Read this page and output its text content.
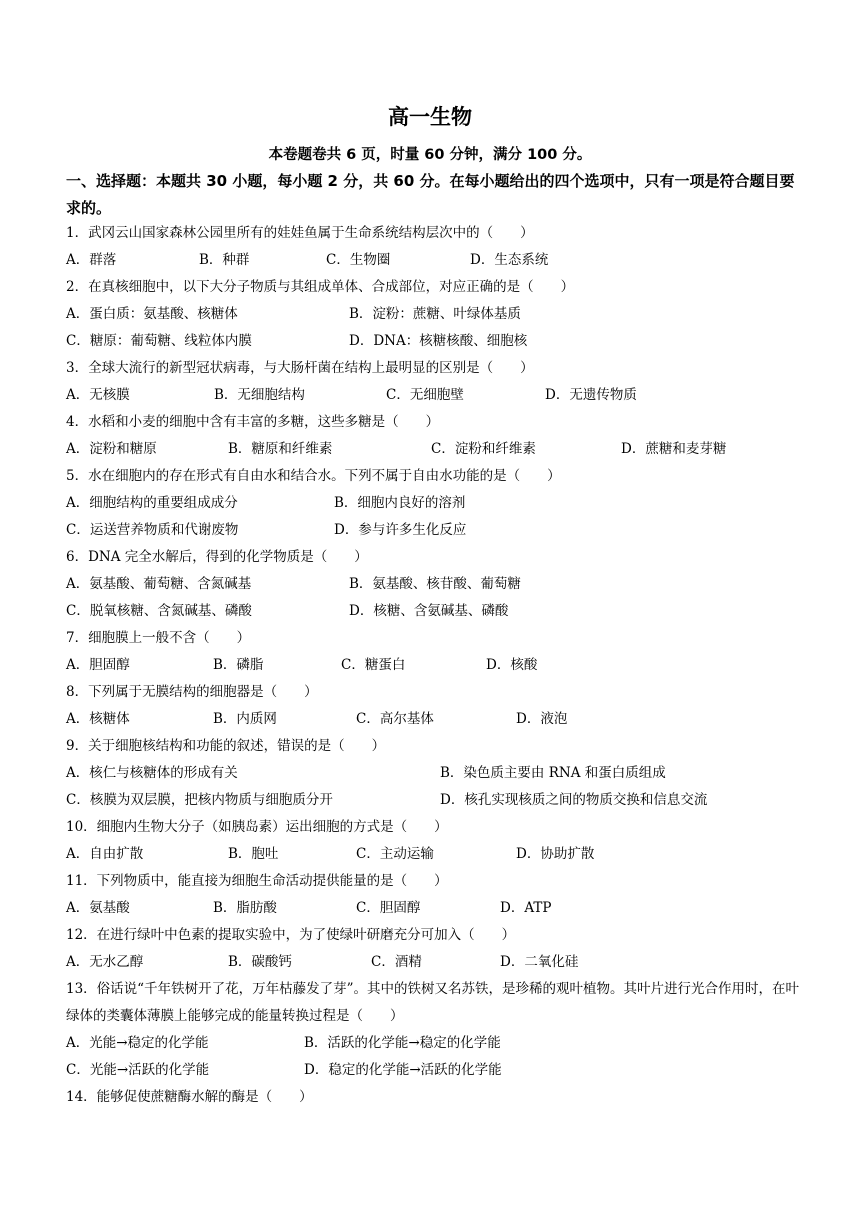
高一生物
本卷题卷共 6 页，时量 60 分钟，满分 100 分。
一、选择题：本题共 30 小题，每小题 2 分，共 60 分。在每小题给出的四个选项中，只有一项是符合题目要求的。
1．武冈云山国家森林公园里所有的娃娃鱼属于生命系统结构层次中的（　　）
A．群落	B．种群	C．生物圈	D．生态系统
2．在真核细胞中，以下大分子物质与其组成单体、合成部位，对应正确的是（　　）
A．蛋白质：氨基酸、核糖体	B．淀粉：蔗糖、叶绿体基质
C．糖原：葡萄糖、线粒体内膜	D．DNA：核糖核酸、细胞核
3．全球大流行的新型冠状病毒，与大肠杆菌在结构上最明显的区别是（　　）
A．无核膜	B．无细胞结构	C．无细胞壁	D．无遗传物质
4．水稻和小麦的细胞中含有丰富的多糖，这些多糖是（　　）
A．淀粉和糖原	B．糖原和纤维素	C．淀粉和纤维素	D．蔗糖和麦芽糖
5．水在细胞内的存在形式有自由水和结合水。下列不属于自由水功能的是（　　）
A．细胞结构的重要组成成分	B．细胞内良好的溶剂
C．运送营养物质和代谢废物	D．参与许多生化反应
6．DNA 完全水解后，得到的化学物质是（　　）
A．氨基酸、葡萄糖、含氮碱基	B．氨基酸、核苷酸、葡萄糖
C．脱氧核糖、含氮碱基、磷酸	D．核糖、含氨碱基、磷酸
7．细胞膜上一般不含（　　）
A．胆固醇	B．磷脂	C．糖蛋白	D．核酸
8．下列属于无膜结构的细胞器是（　　）
A．核糖体	B．内质网	C．高尔基体	D．液泡
9．关于细胞核结构和功能的叙述，错误的是（　　）
A．核仁与核糖体的形成有关	B．染色质主要由 RNA 和蛋白质组成
C．核膜为双层膜，把核内物质与细胞质分开	D．核孔实现核质之间的物质交换和信息交流
10．细胞内生物大分子（如胰岛素）运出细胞的方式是（　　）
A．自由扩散	B．胞吐	C．主动运输	D．协助扩散
11．下列物质中，能直接为细胞生命活动提供能量的是（　　）
A．氨基酸	B．脂肪酸	C．胆固醇	D．ATP
12．在进行绿叶中色素的提取实验中，为了使绿叶研磨充分可加入（　　）
A．无水乙醇	B．碳酸钙	C．酒精	D．二氧化硅
13．俗话说“千年铁树开了花，万年枯藤发了芽”。其中的铁树又名苏铁，是珍稀的观叶植物。其叶片进行光合作用时，在叶绿体的类囊体薄膜上能够完成的能量转换过程是（　　）
A．光能→稳定的化学能	B．活跃的化学能→稳定的化学能
C．光能→活跃的化学能	D．稳定的化学能→活跃的化学能
14．能够促使蔗糖酶水解的酶是（　　）
